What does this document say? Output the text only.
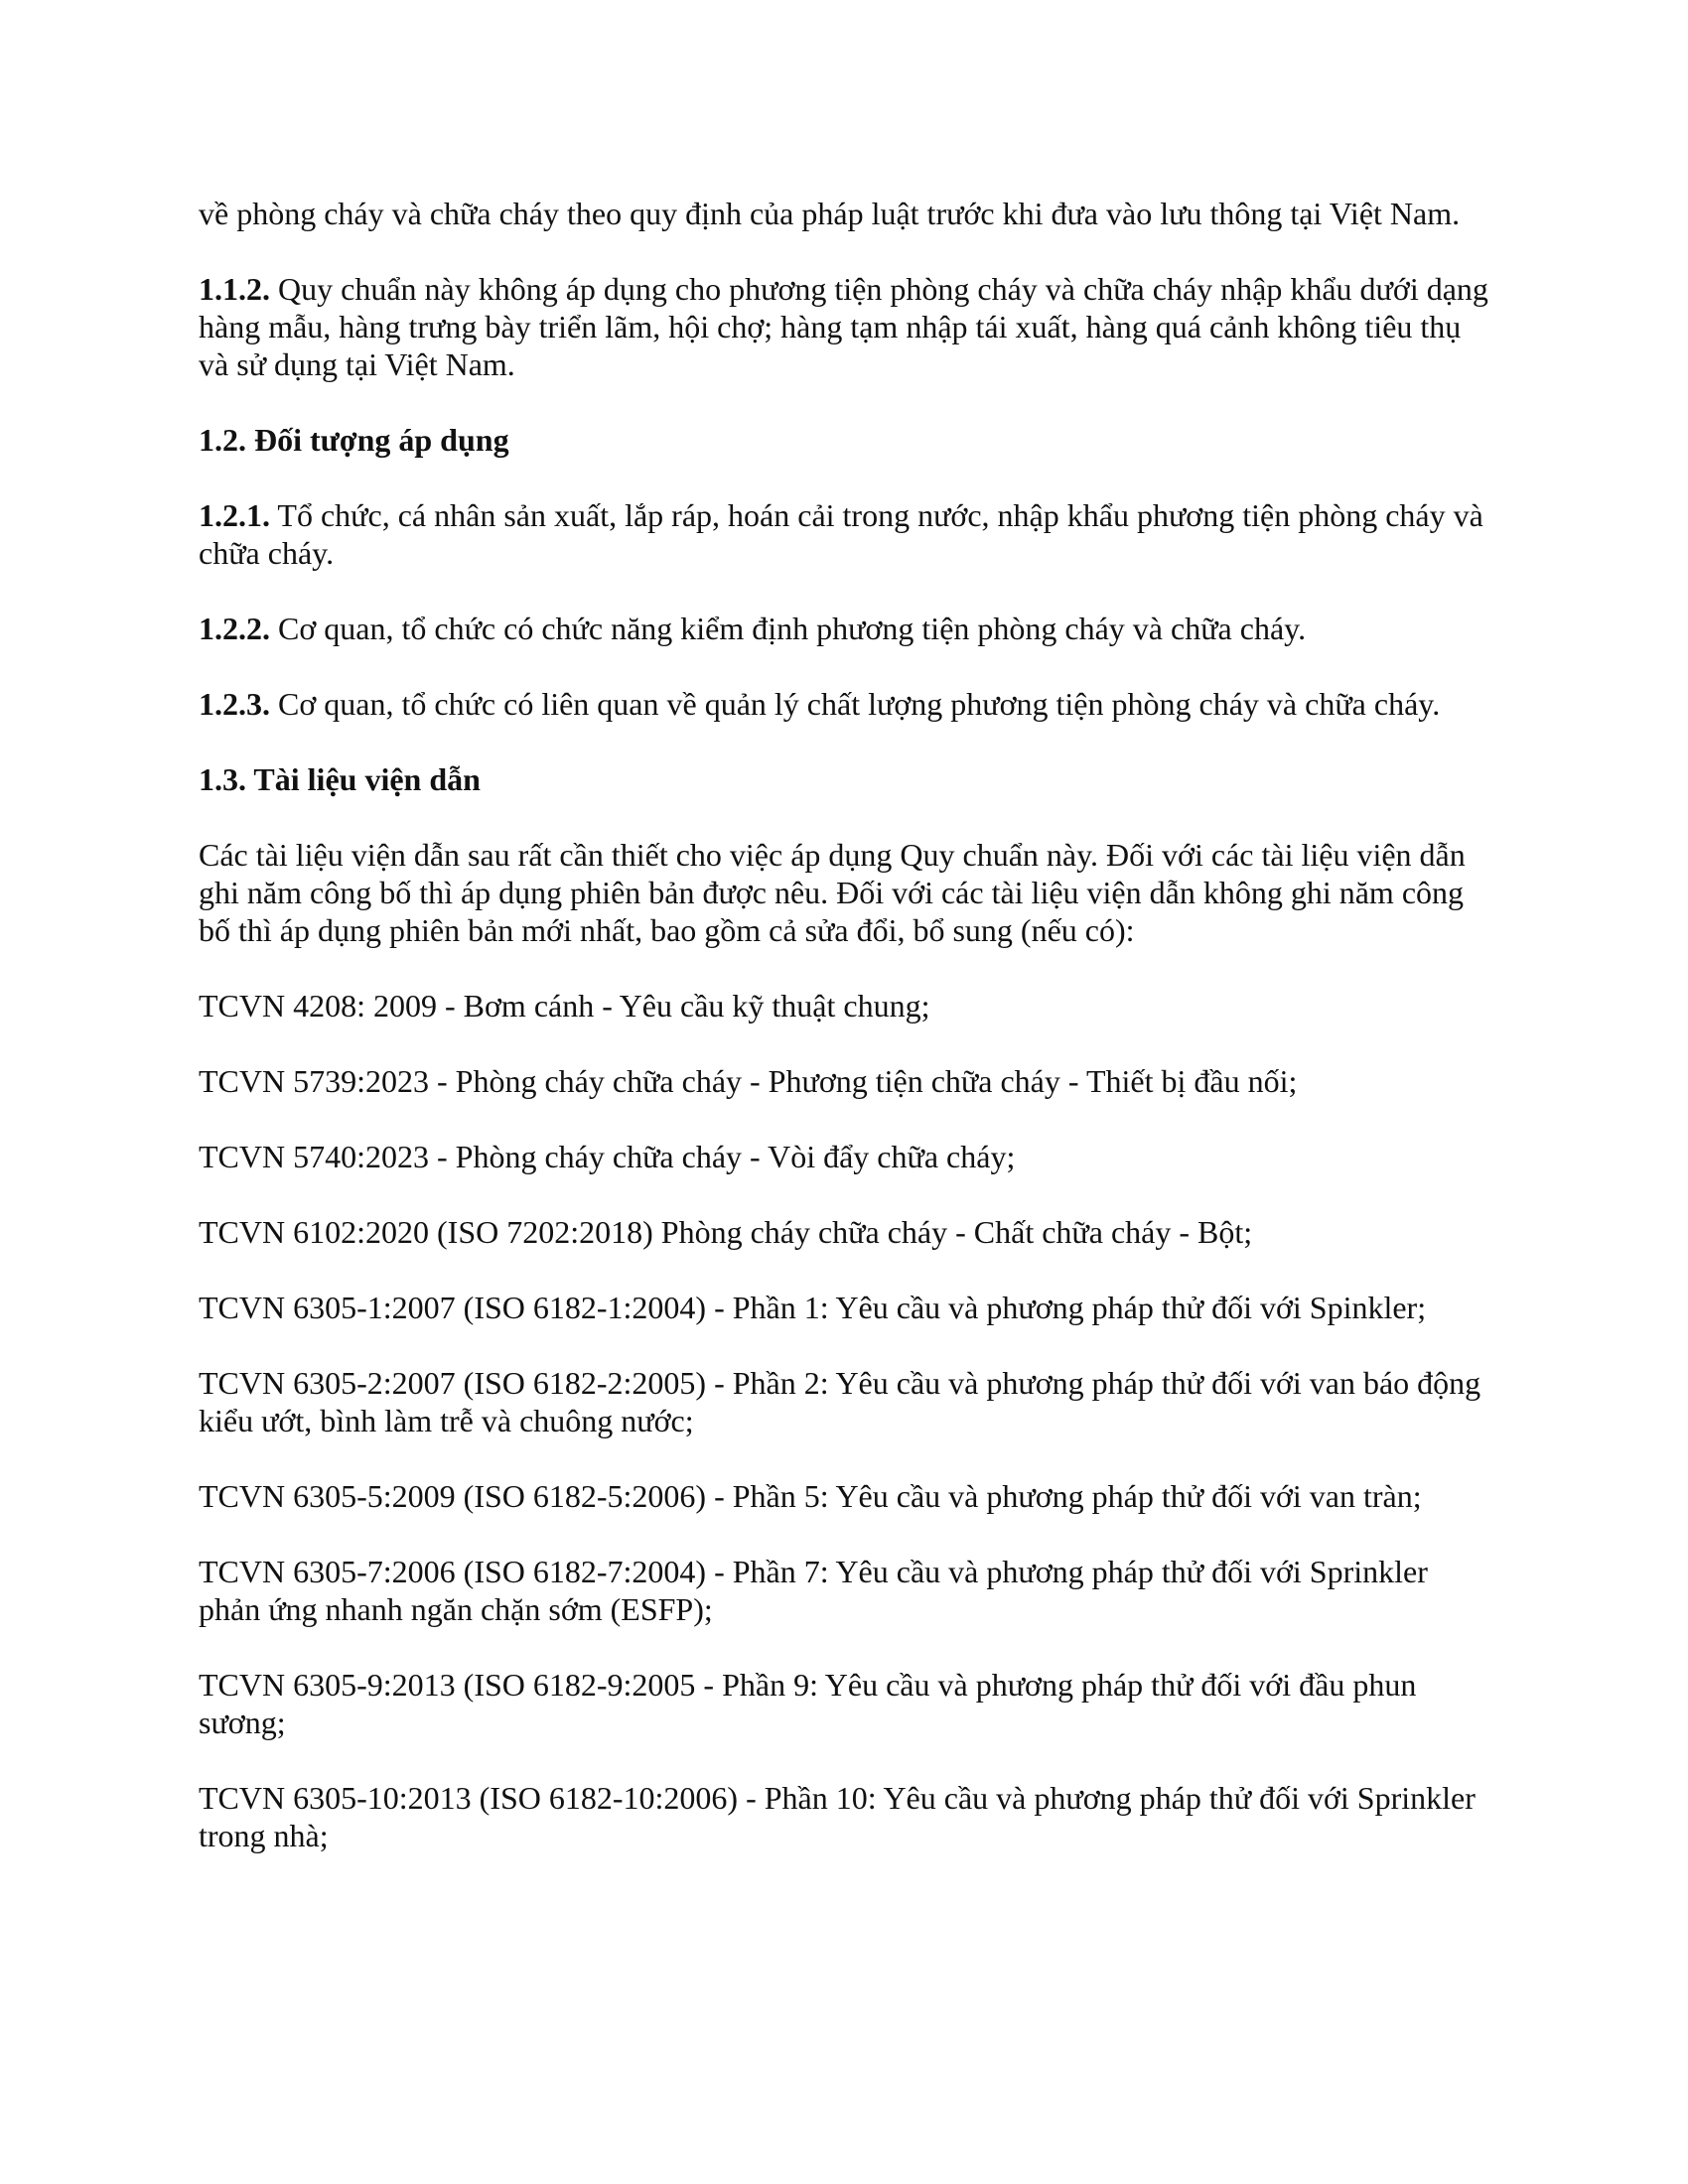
về phòng cháy và chữa cháy theo quy định của pháp luật trước khi đưa vào lưu thông tại Việt Nam.

1.1.2. Quy chuẩn này không áp dụng cho phương tiện phòng cháy và chữa cháy nhập khẩu dưới dạng hàng mẫu, hàng trưng bày triển lãm, hội chợ; hàng tạm nhập tái xuất, hàng quá cảnh không tiêu thụ và sử dụng tại Việt Nam.

1.2. Đối tượng áp dụng

1.2.1. Tổ chức, cá nhân sản xuất, lắp ráp, hoán cải trong nước, nhập khẩu phương tiện phòng cháy và chữa cháy.

1.2.2. Cơ quan, tổ chức có chức năng kiểm định phương tiện phòng cháy và chữa cháy.

1.2.3. Cơ quan, tổ chức có liên quan về quản lý chất lượng phương tiện phòng cháy và chữa cháy.

1.3. Tài liệu viện dẫn

Các tài liệu viện dẫn sau rất cần thiết cho việc áp dụng Quy chuẩn này. Đối với các tài liệu viện dẫn ghi năm công bố thì áp dụng phiên bản được nêu. Đối với các tài liệu viện dẫn không ghi năm công bố thì áp dụng phiên bản mới nhất, bao gồm cả sửa đổi, bổ sung (nếu có):

TCVN 4208: 2009 - Bơm cánh - Yêu cầu kỹ thuật chung;

TCVN 5739:2023 - Phòng cháy chữa cháy - Phương tiện chữa cháy - Thiết bị đầu nối;

TCVN 5740:2023 - Phòng cháy chữa cháy - Vòi đẩy chữa cháy;

TCVN 6102:2020 (ISO 7202:2018) Phòng cháy chữa cháy - Chất chữa cháy - Bột;

TCVN 6305-1:2007 (ISO 6182-1:2004) - Phần 1: Yêu cầu và phương pháp thử đối với Spinkler;

TCVN 6305-2:2007 (ISO 6182-2:2005) - Phần 2: Yêu cầu và phương pháp thử đối với van báo động kiểu ướt, bình làm trễ và chuông nước;

TCVN 6305-5:2009 (ISO 6182-5:2006) - Phần 5: Yêu cầu và phương pháp thử đối với van tràn;

TCVN 6305-7:2006 (ISO 6182-7:2004) - Phần 7: Yêu cầu và phương pháp thử đối với Sprinkler phản ứng nhanh ngăn chặn sớm (ESFP);

TCVN 6305-9:2013 (ISO 6182-9:2005 - Phần 9: Yêu cầu và phương pháp thử đối với đầu phun sương;

TCVN 6305-10:2013 (ISO 6182-10:2006) - Phần 10: Yêu cầu và phương pháp thử đối với Sprinkler trong nhà;
